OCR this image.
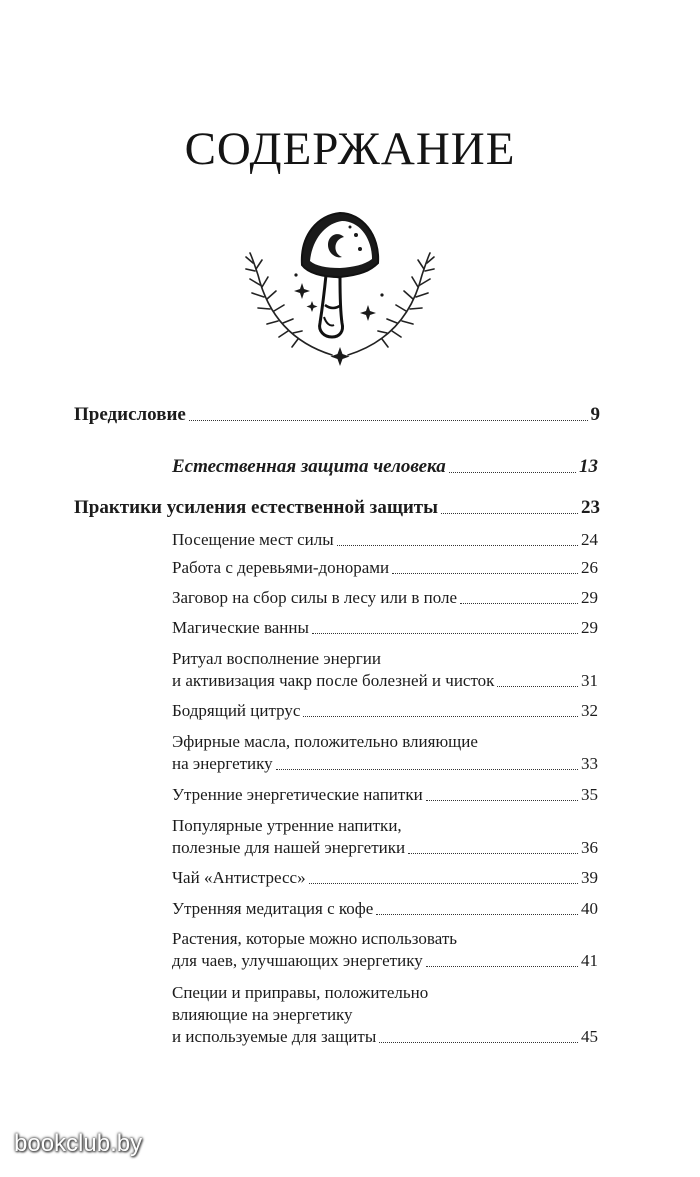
СОДЕРЖАНИЕ
Предисловие	9
Естественная защита человека	13
Практики усиления естественной защиты	23
Посещение мест силы	24
Работа с деревьями-донорами	26
Заговор на сбор силы в лесу или в поле	29
Магические ванны	29
Ритуал восполнение энергии
и активизация чакр после болезней и чисток	31
Бодрящий цитрус	32
Эфирные масла, положительно влияющие
на энергетику	33
Утренние энергетические напитки	35
Популярные утренние напитки,
полезные для нашей энергетики	36
Чай «Антистресс»	39
Утренняя медитация с кофе	40
Растения, которые можно использовать
для чаев, улучшающих энергетику	41
Специи и приправы, положительно
влияющие на энергетику
и используемые для защиты	45
bookclub.by
